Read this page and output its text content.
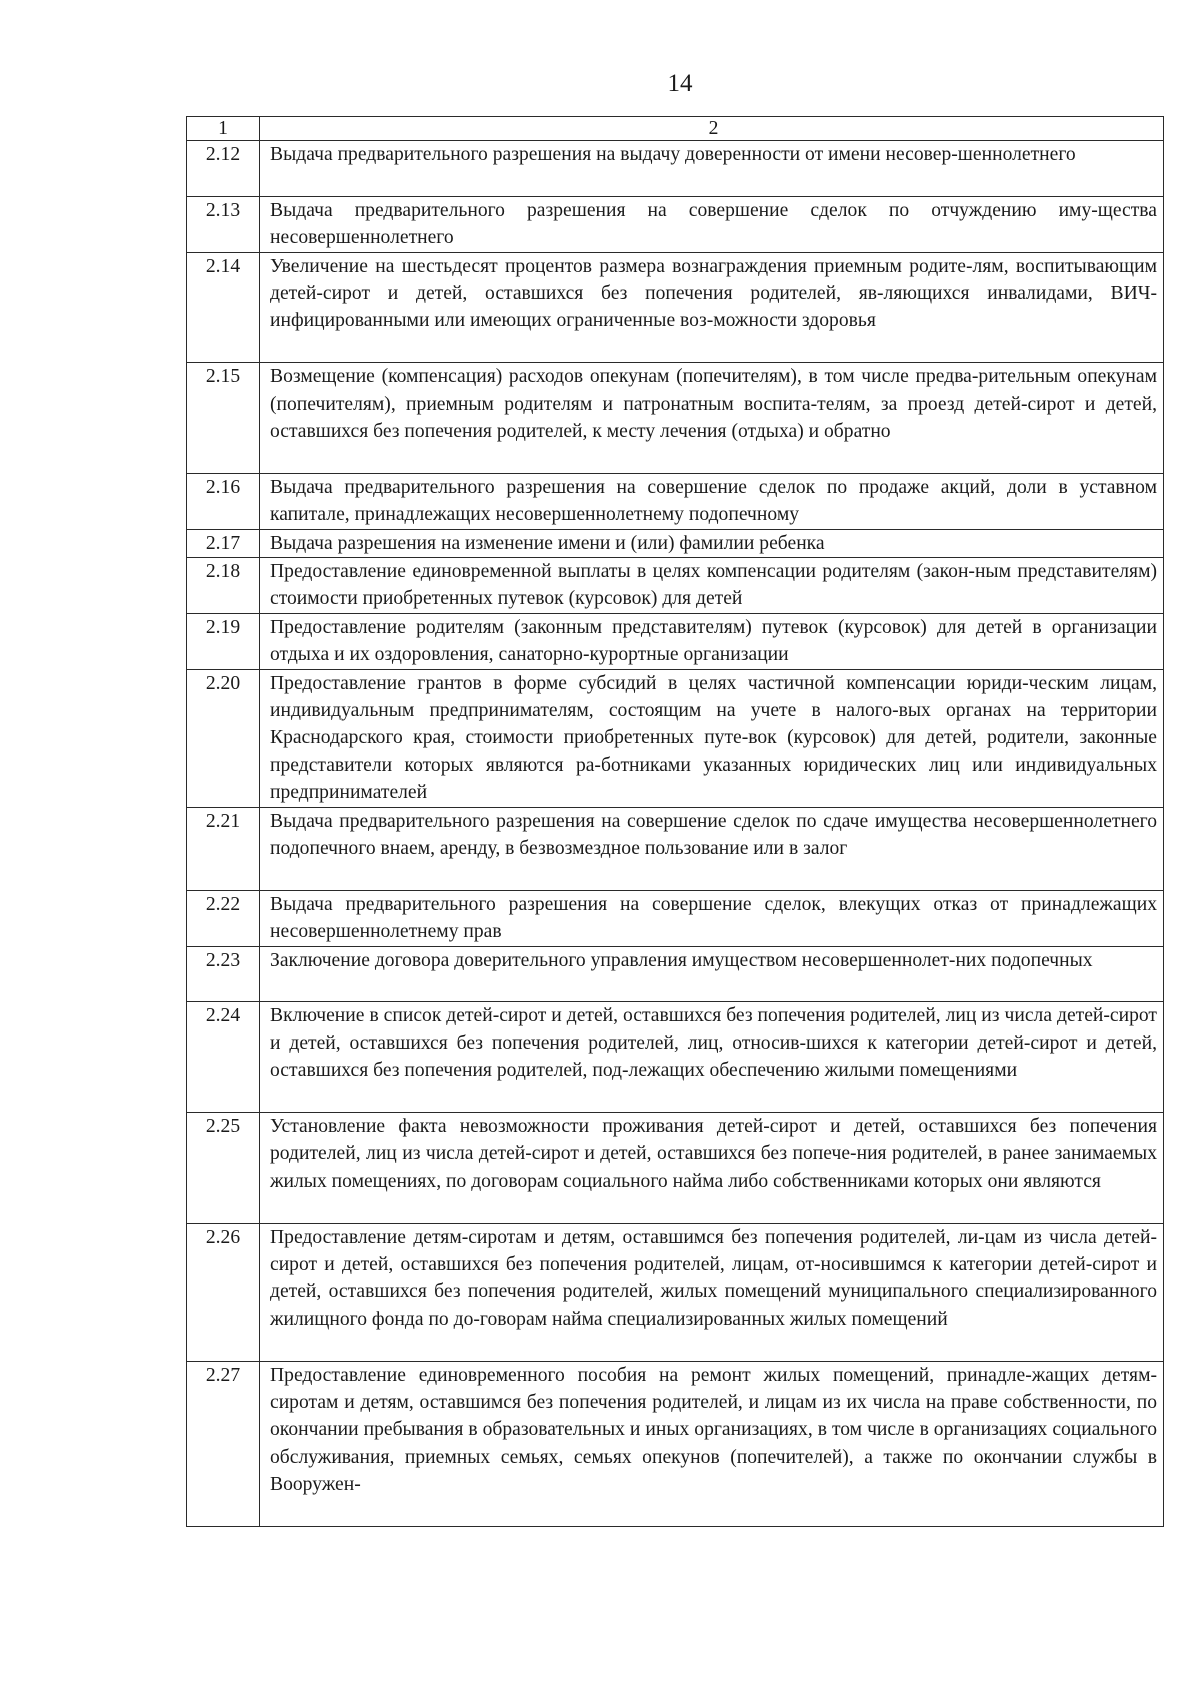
14
1	2
2.12	Выдача предварительного разрешения на выдачу доверенности от имени несовер-шеннолетнего
2.13	Выдача предварительного разрешения на совершение сделок по отчуждению иму-щества несовершеннолетнего
2.14	Увеличение на шестьдесят процентов размера вознаграждения приемным родите-лям, воспитывающим детей-сирот и детей, оставшихся без попечения родителей, яв-ляющихся инвалидами, ВИЧ-инфицированными или имеющих ограниченные воз-можности здоровья
2.15	Возмещение (компенсация) расходов опекунам (попечителям), в том числе предва-рительным опекунам (попечителям), приемным родителям и патронатным воспита-телям, за проезд детей-сирот и детей, оставшихся без попечения родителей, к месту лечения (отдыха) и обратно
2.16	Выдача предварительного разрешения на совершение сделок по продаже акций, доли в уставном капитале, принадлежащих несовершеннолетнему подопечному
2.17	Выдача разрешения на изменение имени и (или) фамилии ребенка
2.18	Предоставление единовременной выплаты в целях компенсации родителям (закон-ным представителям) стоимости приобретенных путевок (курсовок) для детей
2.19	Предоставление родителям (законным представителям) путевок (курсовок) для детей в организации отдыха и их оздоровления, санаторно-курортные организации
2.20	Предоставление грантов в форме субсидий в целях частичной компенсации юриди-ческим лицам, индивидуальным предпринимателям, состоящим на учете в налого-вых органах на территории Краснодарского края, стоимости приобретенных путе-вок (курсовок) для детей, родители, законные представители которых являются ра-ботниками указанных юридических лиц или индивидуальных предпринимателей
2.21	Выдача предварительного разрешения на совершение сделок по сдаче имущества несовершеннолетнего подопечного внаем, аренду, в безвозмездное пользование или в залог
2.22	Выдача предварительного разрешения на совершение сделок, влекущих отказ от принадлежащих несовершеннолетнему прав
2.23	Заключение договора доверительного управления имуществом несовершеннолет-них подопечных
2.24	Включение в список детей-сирот и детей, оставшихся без попечения родителей, лиц из числа детей-сирот и детей, оставшихся без попечения родителей, лиц, относив-шихся к категории детей-сирот и детей, оставшихся без попечения родителей, под-лежащих обеспечению жилыми помещениями
2.25	Установление факта невозможности проживания детей-сирот и детей, оставшихся без попечения родителей, лиц из числа детей-сирот и детей, оставшихся без попече-ния родителей, в ранее занимаемых жилых помещениях, по договорам социального найма либо собственниками которых они являются
2.26	Предоставление детям-сиротам и детям, оставшимся без попечения родителей, ли-цам из числа детей-сирот и детей, оставшихся без попечения родителей, лицам, от-носившимся к категории детей-сирот и детей, оставшихся без попечения родителей, жилых помещений муниципального специализированного жилищного фонда по до-говорам найма специализированных жилых помещений
2.27	Предоставление единовременного пособия на ремонт жилых помещений, принадле-жащих детям-сиротам и детям, оставшимся без попечения родителей, и лицам из их числа на праве собственности, по окончании пребывания в образовательных и иных организациях, в том числе в организациях социального обслуживания, приемных семьях, семьях опекунов (попечителей), а также по окончании службы в Вооружен-
